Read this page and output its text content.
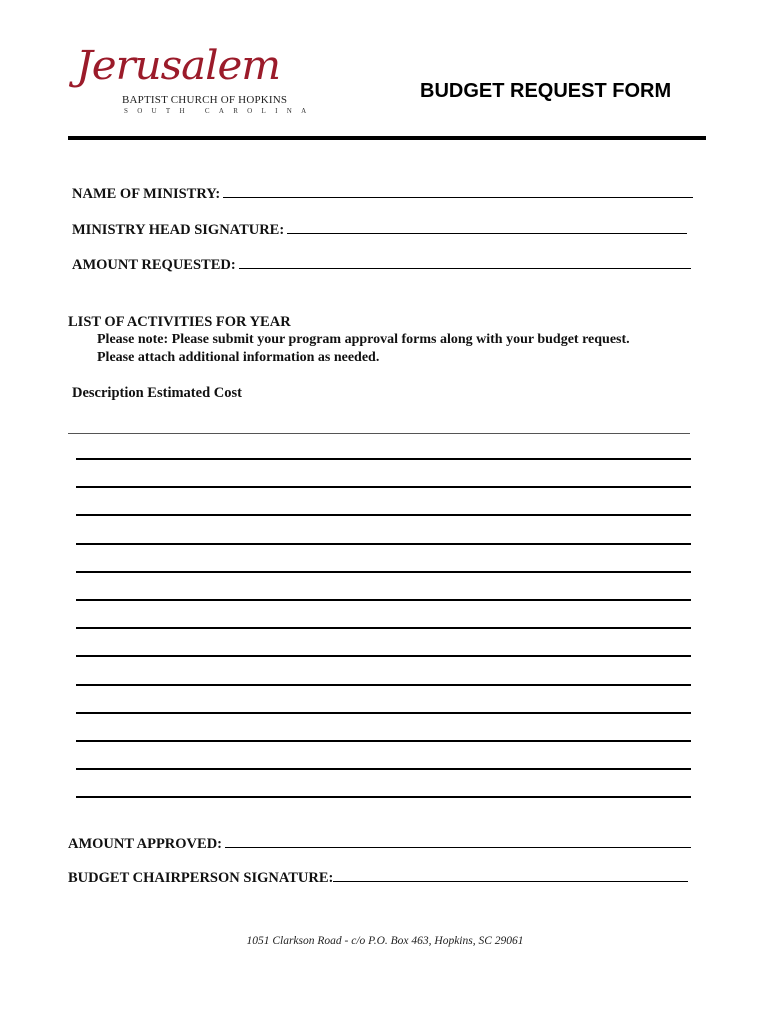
Jerusalem
BAPTIST CHURCH OF HOPKINS
SOUTH CAROLINA
BUDGET REQUEST FORM
NAME OF MINISTRY:
MINISTRY HEAD SIGNATURE:
AMOUNT REQUESTED:
LIST OF ACTIVITIES FOR YEAR
Please note: Please submit your program approval forms along with your budget request.
Please attach additional information as needed.
Description Estimated Cost
AMOUNT APPROVED:
BUDGET CHAIRPERSON SIGNATURE:
1051 Clarkson Road - c/o P.O. Box 463, Hopkins, SC 29061
